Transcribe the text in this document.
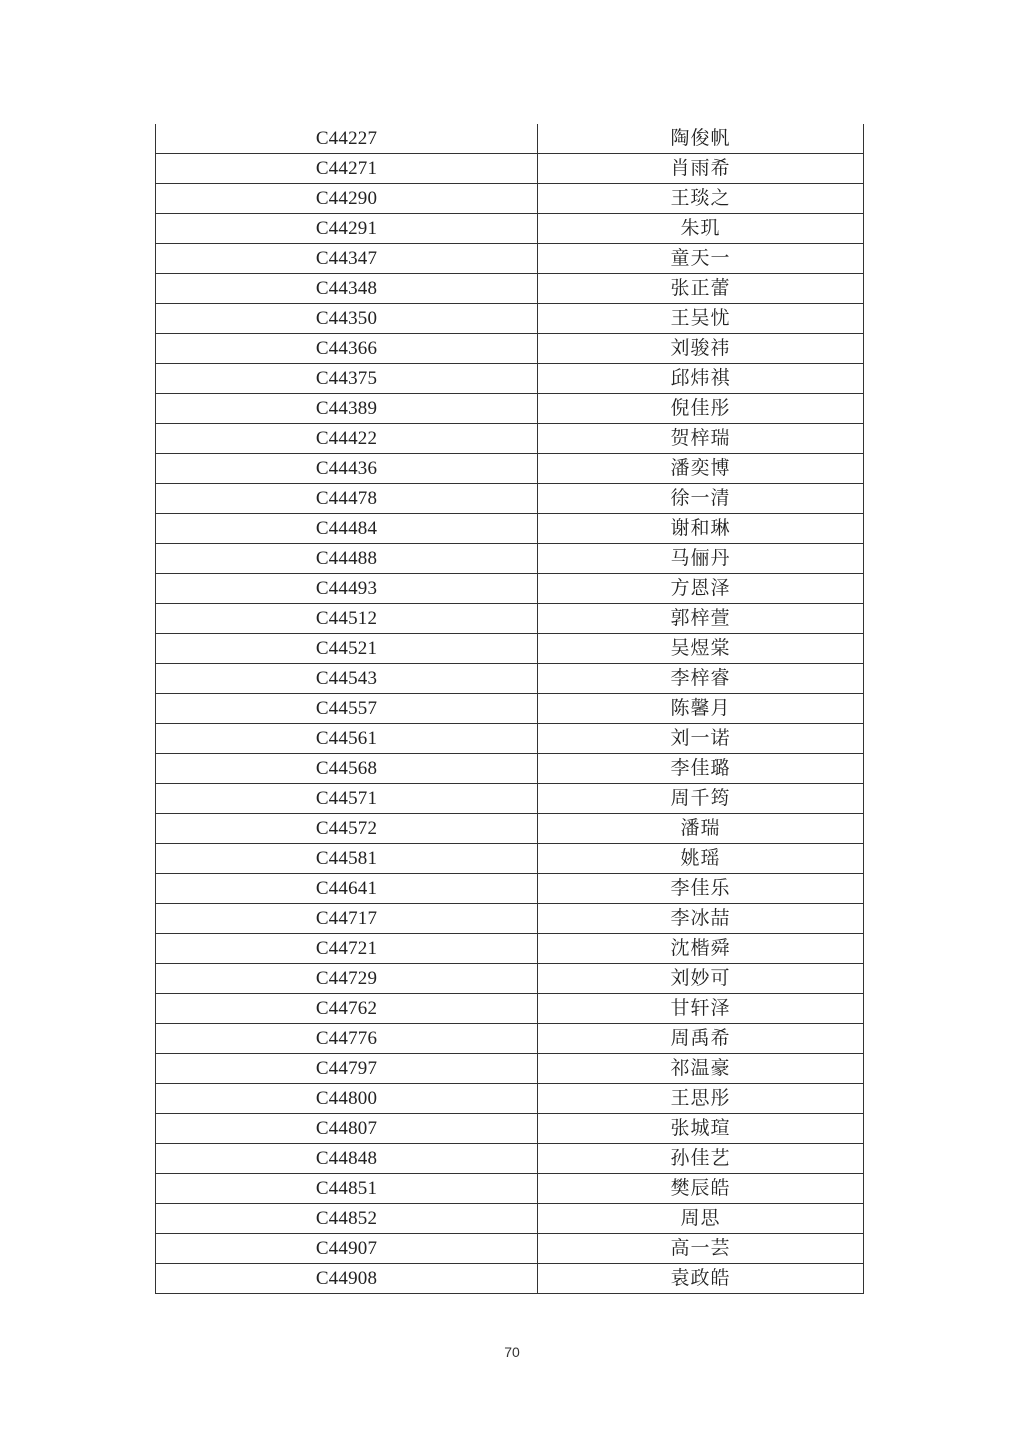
C44227	陶俊帆
C44271	肖雨希
C44290	王琰之
C44291	朱玑
C44347	童天一
C44348	张正蕾
C44350	王吴忧
C44366	刘骏祎
C44375	邱炜祺
C44389	倪佳彤
C44422	贺梓瑞
C44436	潘奕博
C44478	徐一清
C44484	谢和琳
C44488	马俪丹
C44493	方恩泽
C44512	郭梓萱
C44521	吴煜棠
C44543	李梓睿
C44557	陈馨月
C44561	刘一诺
C44568	李佳璐
C44571	周千筠
C44572	潘瑞
C44581	姚瑶
C44641	李佳乐
C44717	李冰喆
C44721	沈楷舜
C44729	刘妙可
C44762	甘轩泽
C44776	周禹希
C44797	祁温豪
C44800	王思彤
C44807	张城瑄
C44848	孙佳艺
C44851	樊辰皓
C44852	周思
C44907	高一芸
C44908	袁政皓
70
